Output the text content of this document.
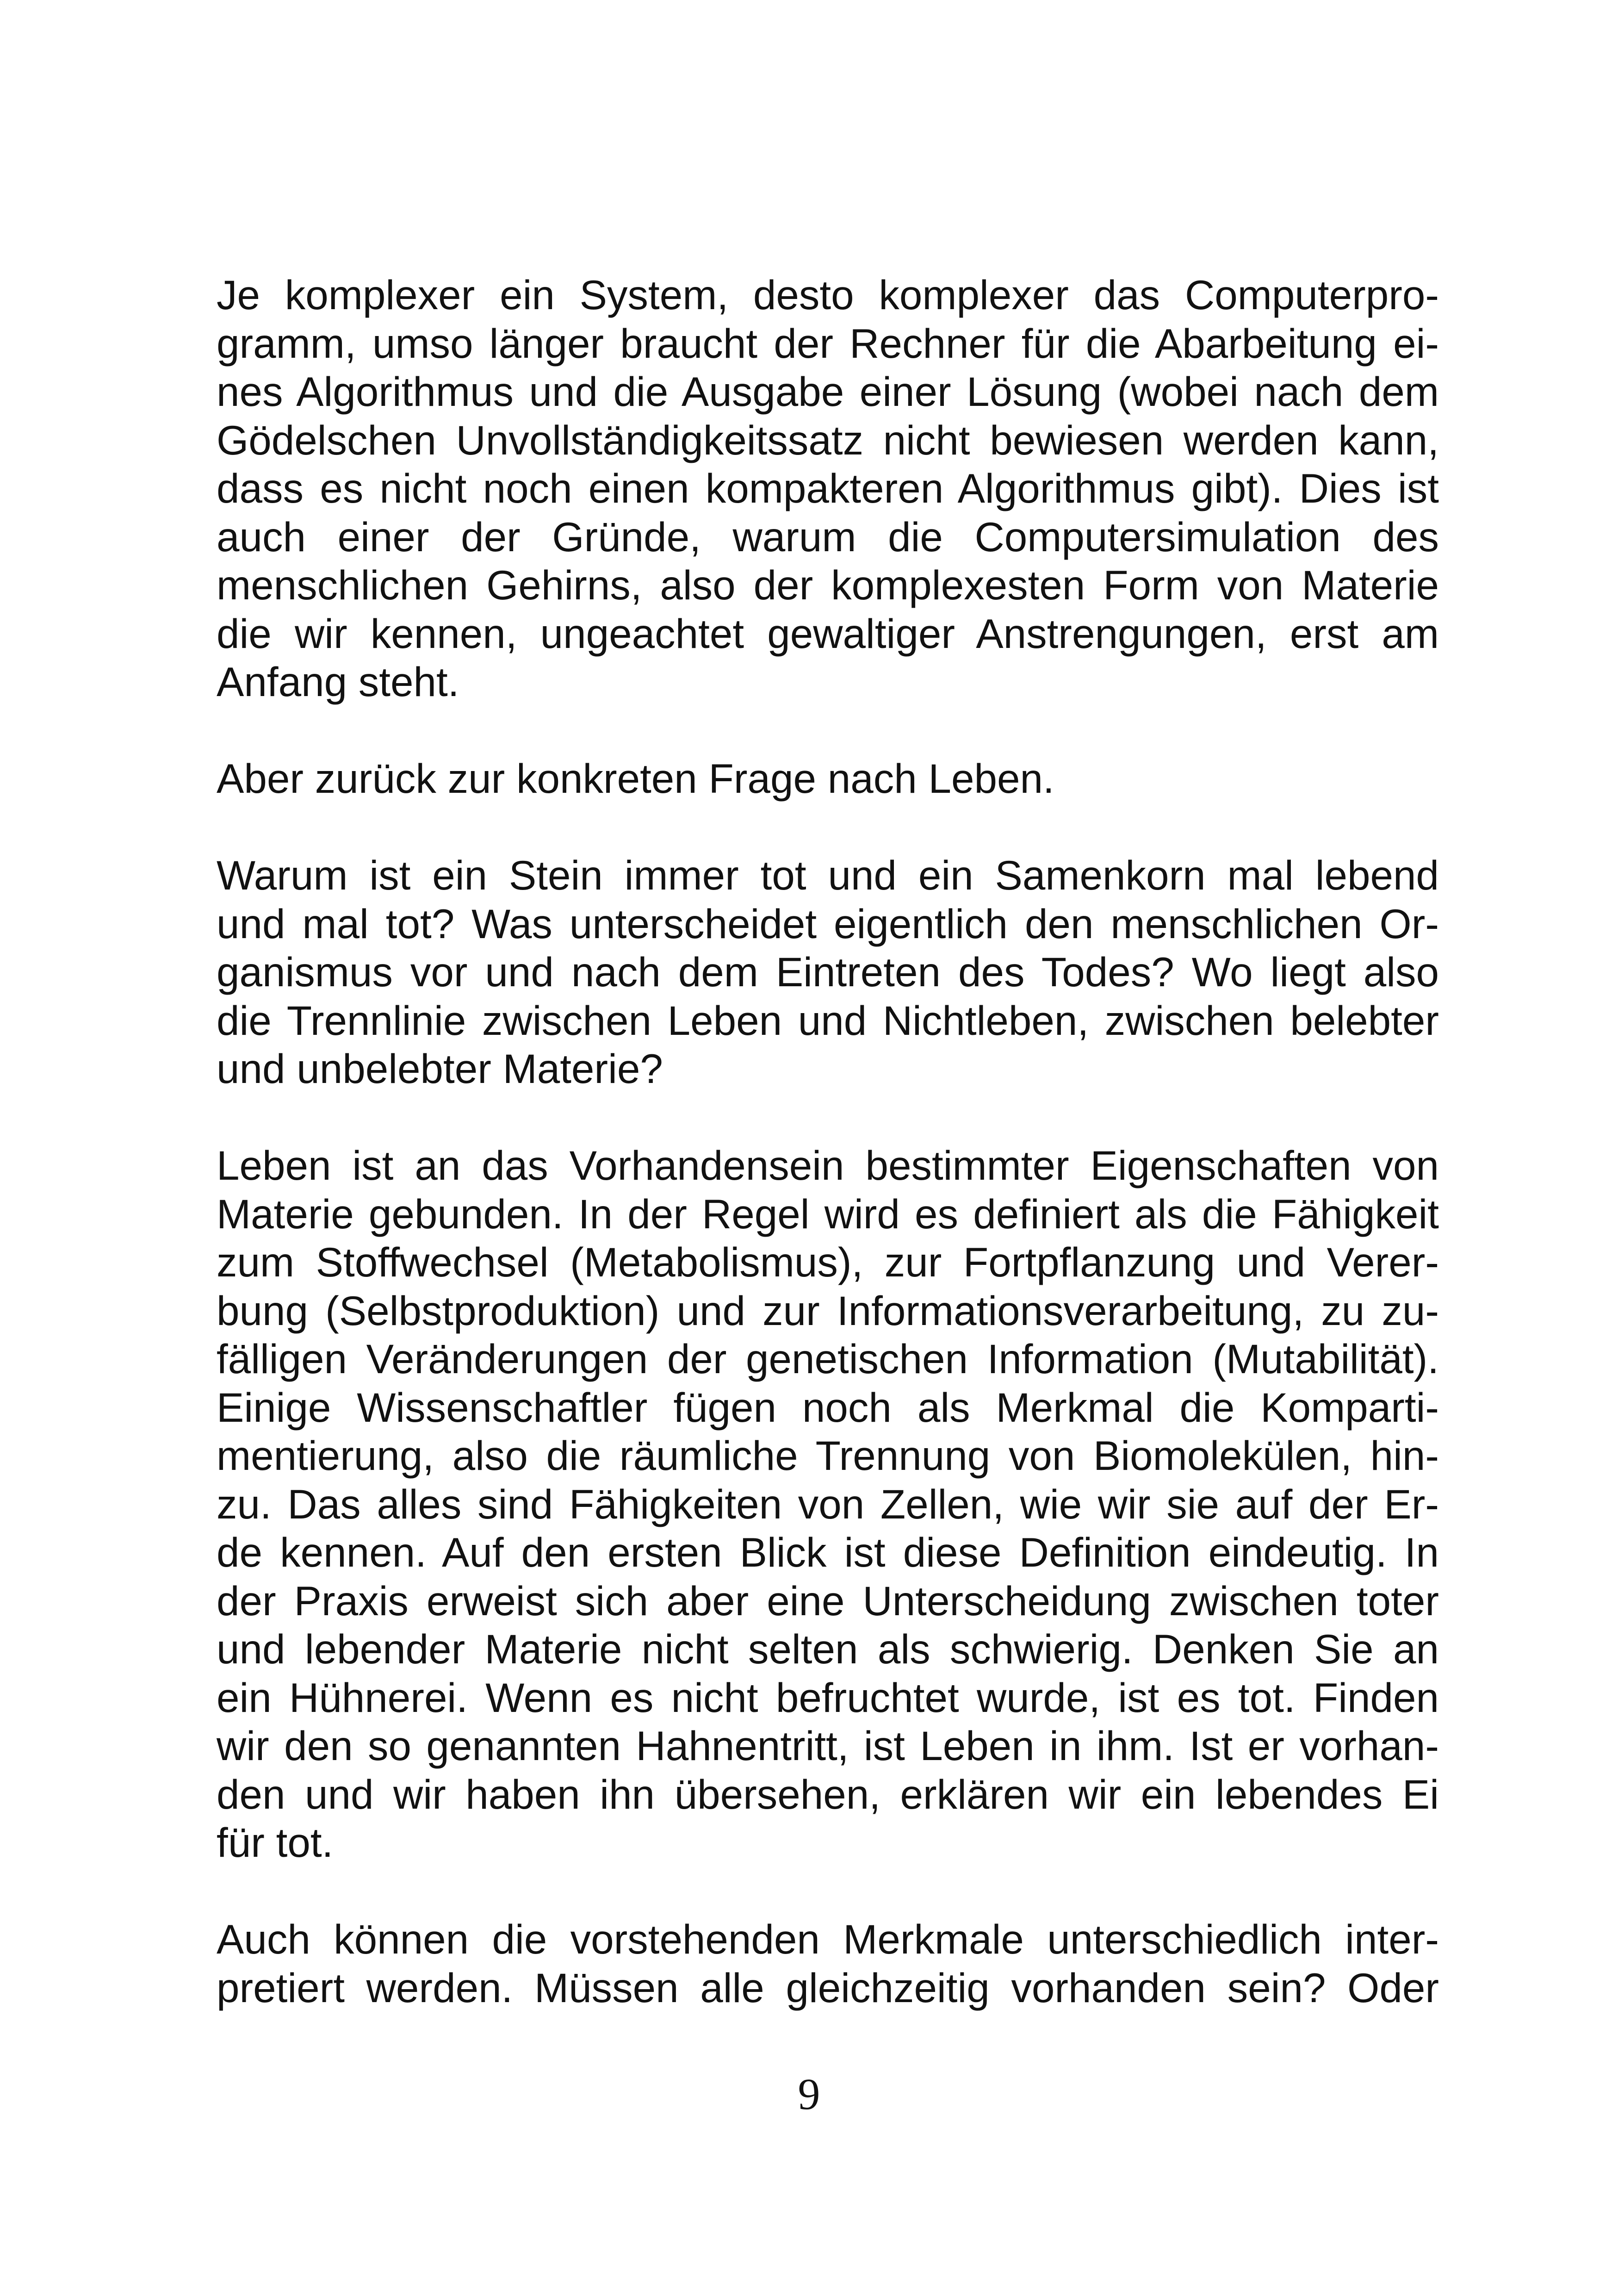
Je komplexer ein System, desto komplexer das Computerpro-
gramm, umso länger braucht der Rechner für die Abarbeitung ei-
nes Algorithmus und die Ausgabe einer Lösung (wobei nach dem
Gödelschen Unvollständigkeitssatz nicht bewiesen werden kann,
dass es nicht noch einen kompakteren Algorithmus gibt). Dies ist
auch einer der Gründe, warum die Computersimulation des
menschlichen Gehirns, also der komplexesten Form von Materie
die wir kennen, ungeachtet gewaltiger Anstrengungen, erst am
Anfang steht.

Aber zurück zur konkreten Frage nach Leben.

Warum ist ein Stein immer tot und ein Samenkorn mal lebend
und mal tot? Was unterscheidet eigentlich den menschlichen Or-
ganismus vor und nach dem Eintreten des Todes? Wo liegt also
die Trennlinie zwischen Leben und Nichtleben, zwischen belebter
und unbelebter Materie?

Leben ist an das Vorhandensein bestimmter Eigenschaften von
Materie gebunden. In der Regel wird es definiert als die Fähigkeit
zum Stoffwechsel (Metabolismus), zur Fortpflanzung und Verer-
bung (Selbstproduktion) und zur Informationsverarbeitung, zu zu-
fälligen Veränderungen der genetischen Information (Mutabilität).
Einige Wissenschaftler fügen noch als Merkmal die Komparti-
mentierung, also die räumliche Trennung von Biomolekülen, hin-
zu. Das alles sind Fähigkeiten von Zellen, wie wir sie auf der Er-
de kennen. Auf den ersten Blick ist diese Definition eindeutig. In
der Praxis erweist sich aber eine Unterscheidung zwischen toter
und lebender Materie nicht selten als schwierig. Denken Sie an
ein Hühnerei. Wenn es nicht befruchtet wurde, ist es tot. Finden
wir den so genannten Hahnentritt, ist Leben in ihm. Ist er vorhan-
den und wir haben ihn übersehen, erklären wir ein lebendes Ei
für tot.

Auch können die vorstehenden Merkmale unterschiedlich inter-
pretiert werden. Müssen alle gleichzeitig vorhanden sein? Oder

9
